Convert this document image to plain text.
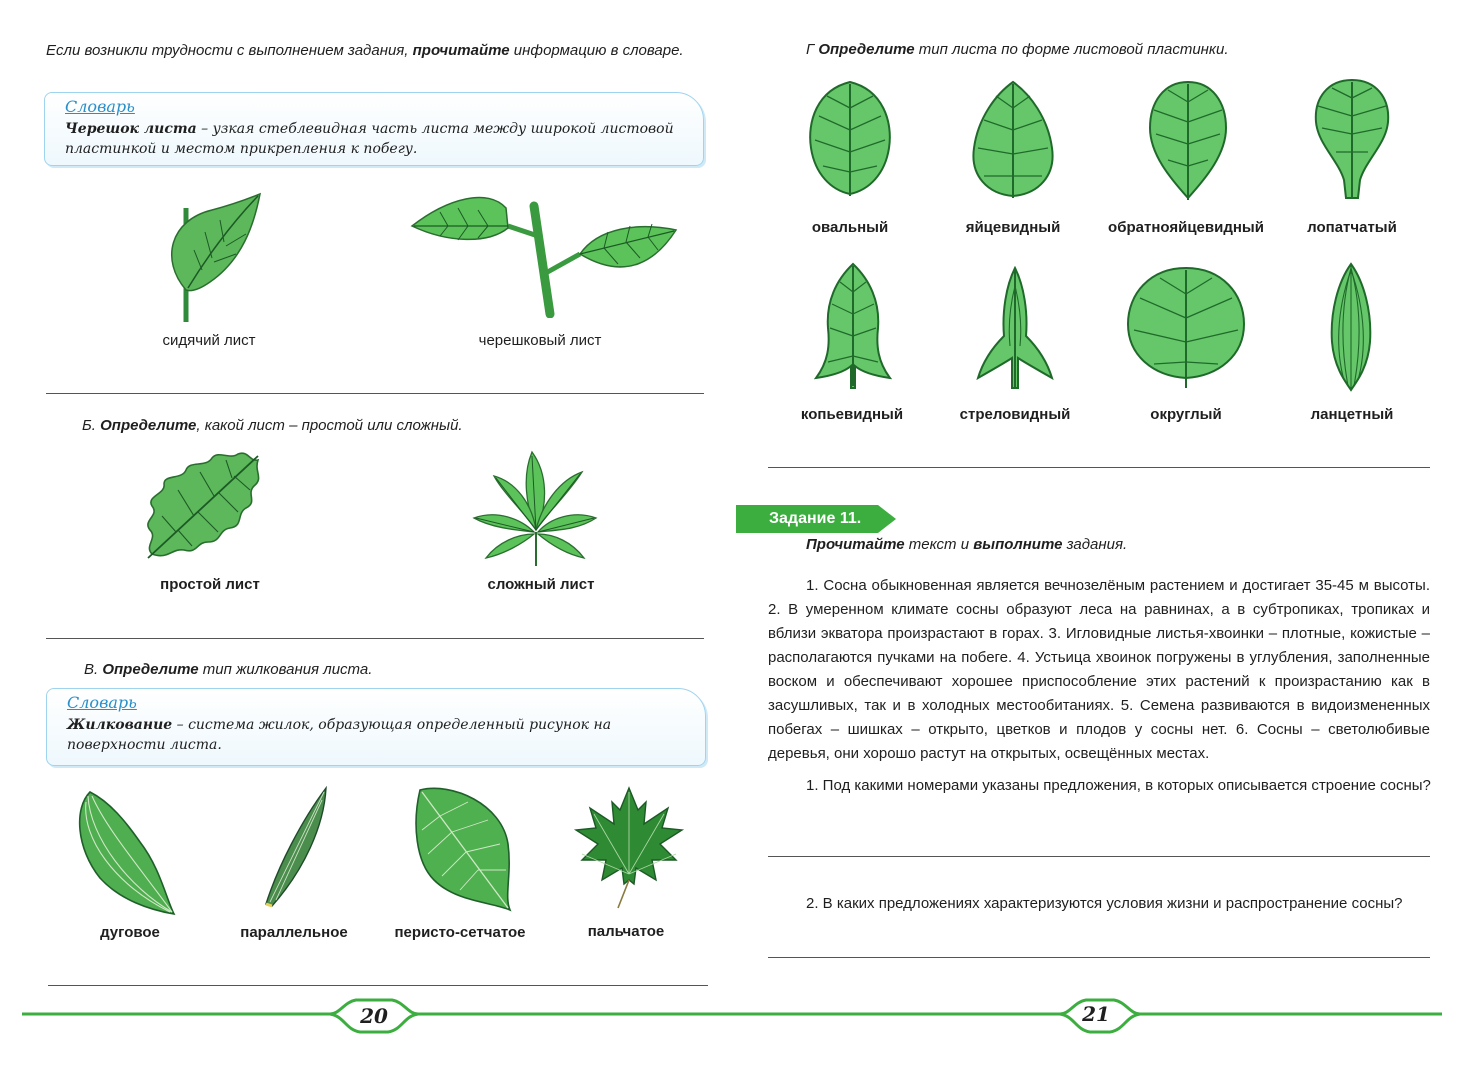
Если возникли трудности с выполнением задания, прочитайте информацию в словаре.
Словарь
Черешок листа – узкая стеблевидная часть листа между широкой листовой пластинкой и местом прикрепления к побегу.
сидячий лист	черешковый лист
Б. Определите, какой лист – простой или сложный.
простой лист	сложный лист
В. Определите тип жилкования листа.
Словарь
Жилкование – система жилок, образующая определенный рисунок на поверхности листа.
дуговое	параллельное	перисто-сетчатое	пальчатое
Г Определите тип листа по форме листовой пластинки.
овальный	яйцевидный	обратнояйцевидный	лопатчатый
копьевидный	стреловидный	округлый	ланцетный
Задание 11.
Прочитайте текст и выполните задания.
1. Сосна обыкновенная является вечнозелёным растением и достигает 35-45 м высоты. 2. В умеренном климате сосны образуют леса на равнинах, а в субтропиках, тропиках и вблизи экватора произрастают в горах. 3. Игловидные листья-хвоинки – плотные, кожистые – располагаются пучками на побеге. 4. Устьица хвоинок погружены в углубления, заполненные воском и обеспечивают хорошее приспособление этих растений к произрастанию как в засушливых, так и в холодных местообитаниях. 5. Семена развиваются в видоизмененных побегах – шишках – открыто, цветков и плодов у сосны нет. 6. Сосны – светолюбивые деревья, они хорошо растут на открытых, освещённых местах.
1. Под какими номерами указаны предложения, в которых описывается строение сосны?
2. В каких предложениях характеризуются условия жизни и распространение сосны?
20	21
